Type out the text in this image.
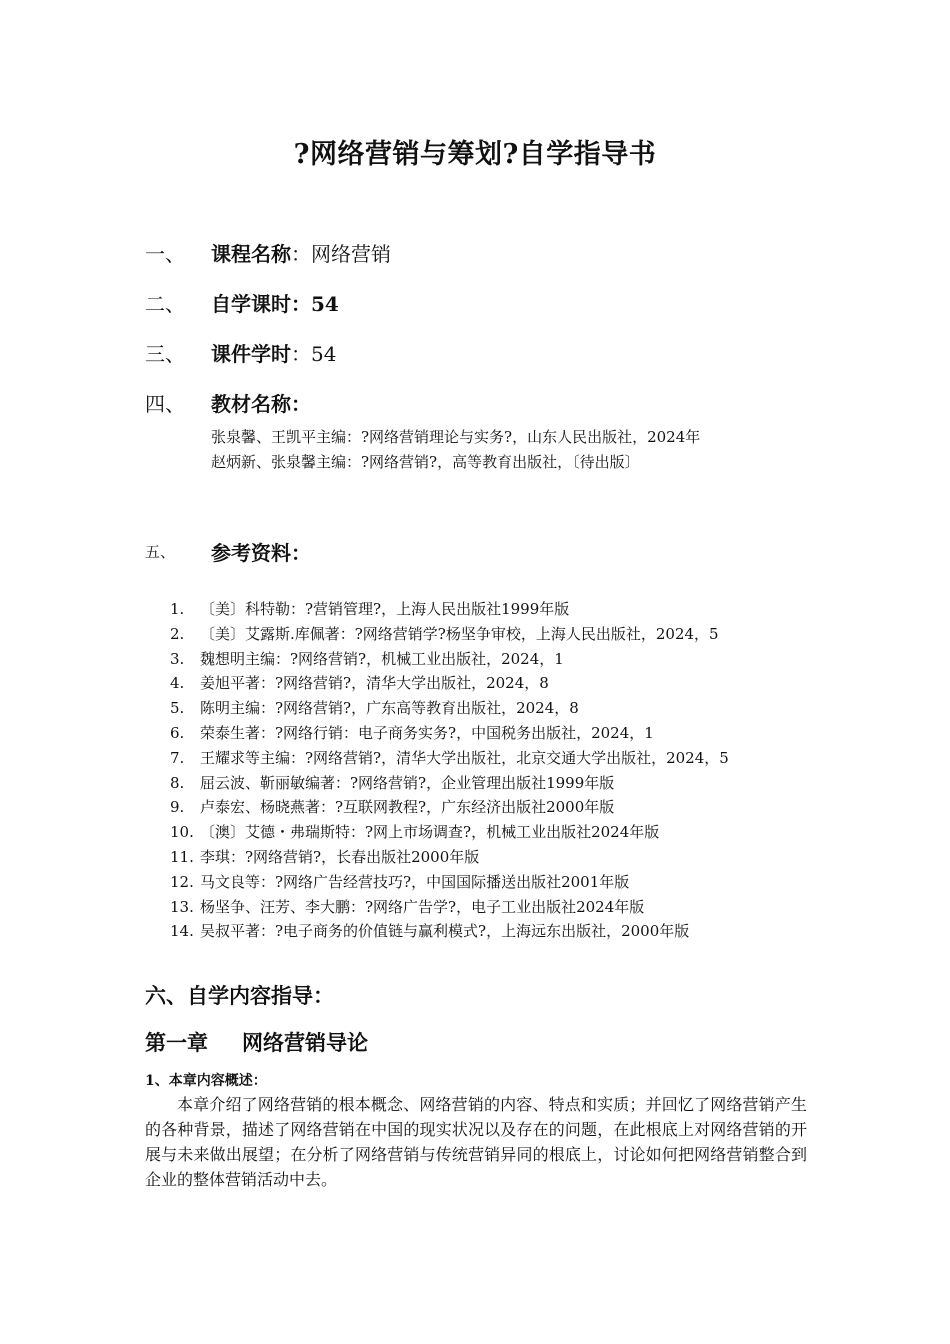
?网络营销与筹划?自学指导书
一、 课程名称：网络营销
二、 自学课时：54
三、 课件学时：54
四、 教材名称：
张泉馨、王凯平主编：?网络营销理论与实务?，山东人民出版社，2024年
赵炳新、张泉馨主编：?网络营销?，高等教育出版社，〔待出版〕
五、 参考资料：
1. 〔美〕科特勒：?营销管理?，上海人民出版社1999年版
2. 〔美〕艾露斯.库佩著：?网络营销学?杨坚争审校，上海人民出版社，2024，5
3. 魏想明主编：?网络营销?，机械工业出版社，2024，1
4. 姜旭平著：?网络营销?，清华大学出版社，2024，8
5. 陈明主编：?网络营销?，广东高等教育出版社，2024，8
6. 荣泰生著：?网络行销：电子商务实务?，中国税务出版社，2024，1
7. 王耀求等主编：?网络营销?，清华大学出版社，北京交通大学出版社，2024，5
8. 屈云波、靳丽敏编著：?网络营销?，企业管理出版社1999年版
9. 卢泰宏、杨晓燕著：?互联网教程?，广东经济出版社2000年版
10. 〔澳〕艾德・弗瑞斯特：?网上市场调查?，机械工业出版社2024年版
11. 李琪：?网络营销?，长春出版社2000年版
12. 马文良等：?网络广告经营技巧?，中国国际播送出版社2001年版
13. 杨坚争、汪芳、李大鹏：?网络广告学?，电子工业出版社2024年版
14. 吴叔平著：?电子商务的价值链与赢利模式?，上海远东出版社，2000年版
六、自学内容指导：
第一章 网络营销导论
1、本章内容概述：

本章介绍了网络营销的根本概念、网络营销的内容、特点和实质；并回忆了网络营销产生的各种背景，描述了网络营销在中国的现实状况以及存在的问题，在此根底上对网络营销的开展与未来做出展望；在分析了网络营销与传统营销异同的根底上，讨论如何把网络营销整合到企业的整体营销活动中去。
